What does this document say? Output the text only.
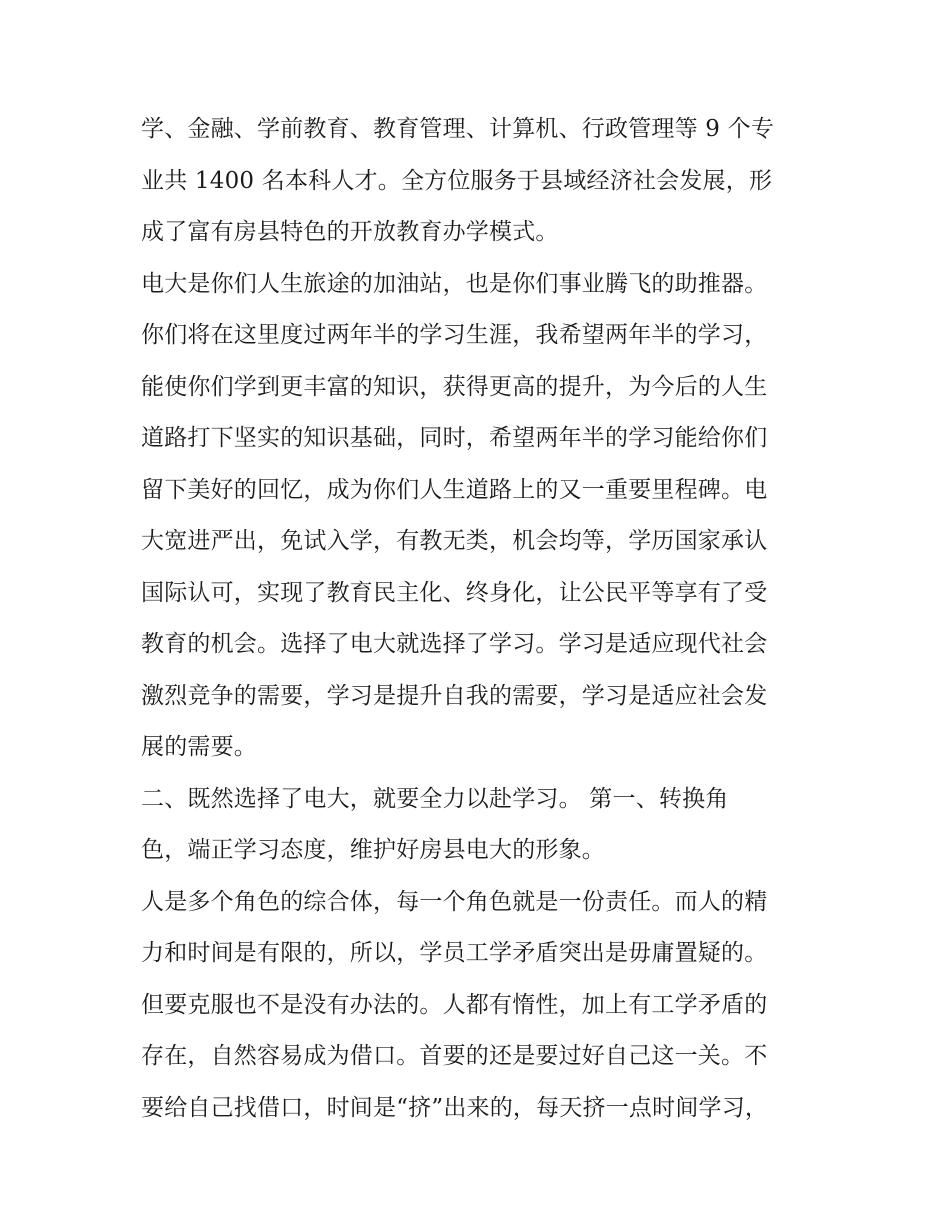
学、金融、学前教育、教育管理、计算机、行政管理等 9 个专
业共 1400 名本科人才。全方位服务于县域经济社会发展，形
成了富有房县特色的开放教育办学模式。
电大是你们人生旅途的加油站，也是你们事业腾飞的助推器。
你们将在这里度过两年半的学习生涯，我希望两年半的学习，
能使你们学到更丰富的知识，获得更高的提升，为今后的人生
道路打下坚实的知识基础，同时，希望两年半的学习能给你们
留下美好的回忆，成为你们人生道路上的又一重要里程碑。电
大宽进严出，免试入学，有教无类，机会均等，学历国家承认
国际认可，实现了教育民主化、终身化，让公民平等享有了受
教育的机会。选择了电大就选择了学习。学习是适应现代社会
激烈竞争的需要，学习是提升自我的需要，学习是适应社会发
展的需要。
二、既然选择了电大，就要全力以赴学习。 第一、转换角
色，端正学习态度，维护好房县电大的形象。
人是多个角色的综合体，每一个角色就是一份责任。而人的精
力和时间是有限的，所以，学员工学矛盾突出是毋庸置疑的。
但要克服也不是没有办法的。人都有惰性，加上有工学矛盾的
存在，自然容易成为借口。首要的还是要过好自己这一关。不
要给自己找借口，时间是“挤”出来的，每天挤一点时间学习，
